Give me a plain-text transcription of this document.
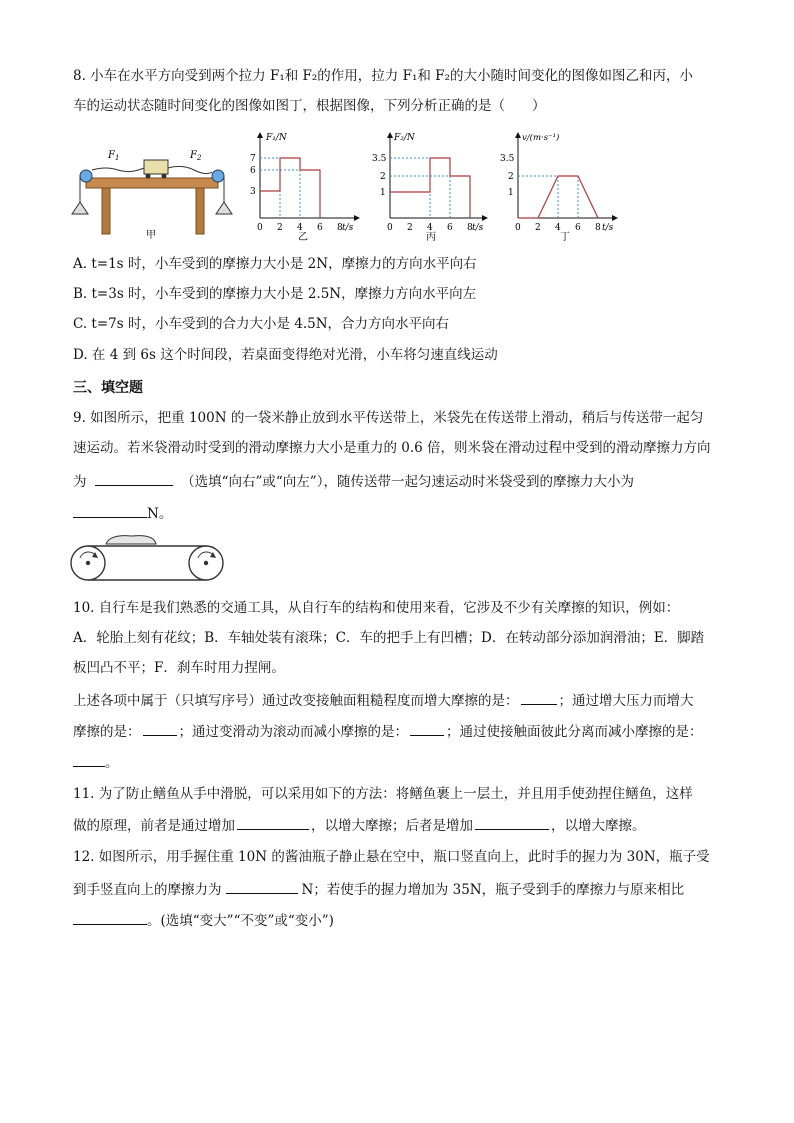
8. 小车在水平方向受到两个拉力 F₁和 F₂的作用，拉力 F₁和 F₂的大小随时间变化的图像如图乙和丙，小
车的运动状态随时间变化的图像如图丁，根据图像，下列分析正确的是（　　）
$F_1$	$F_2$
甲
F₁/N
t/s
7
6
3
0 2 4 6 8
乙
F₂/N
t/s
3.5
2
1
0 2 4 6 8
丙
v/(m·s⁻¹)
t/s
3.5
2
1
0 2 4 6 8
丁
A. t=1s 时，小车受到的摩擦力大小是 2N，摩擦力的方向水平向右
B. t=3s 时，小车受到的摩擦力大小是 2.5N，摩擦力方向水平向左
C. t=7s 时，小车受到的合力大小是 4.5N，合力方向水平向右
D. 在 4 到 6s 这个时间段，若桌面变得绝对光滑，小车将匀速直线运动
三、填空题
9. 如图所示，把重 100N 的一袋米静止放到水平传送带上，米袋先在传送带上滑动，稍后与传送带一起匀
速运动。若米袋滑动时受到的滑动摩擦力大小是重力的 0.6 倍，则米袋在滑动过程中受到的滑动摩擦力方向
为	（选填“向右”或“向左”），随传送带一起匀速运动时米袋受到的摩擦力大小为
N。
10. 自行车是我们熟悉的交通工具，从自行车的结构和使用来看，它涉及不少有关摩擦的知识，例如：
A．轮胎上刻有花纹；B．车轴处装有滚珠；C．车的把手上有凹槽；D．在转动部分添加润滑油；E．脚踏
板凹凸不平；F．刹车时用力捏闸。
上述各项中属于（只填写序号）通过改变接触面粗糙程度而增大摩擦的是：	；通过增大压力而增大
摩擦的是：	；通过变滑动为滚动而减小摩擦的是：	；通过使接触面彼此分离而减小摩擦的是：
。
11. 为了防止鳝鱼从手中滑脱，可以采用如下的方法：将鳝鱼裹上一层土，并且用手使劲捏住鳝鱼，这样
做的原理，前者是通过增加	，以增大摩擦；后者是增加	，以增大摩擦。
12. 如图所示，用手握住重 10N 的酱油瓶子静止悬在空中，瓶口竖直向上，此时手的握力为 30N，瓶子受
到手竖直向上的摩擦力为	N；若使手的握力增加为 35N，瓶子受到手的摩擦力与原来相比
。(选填“变大”“不变”或“变小”)
